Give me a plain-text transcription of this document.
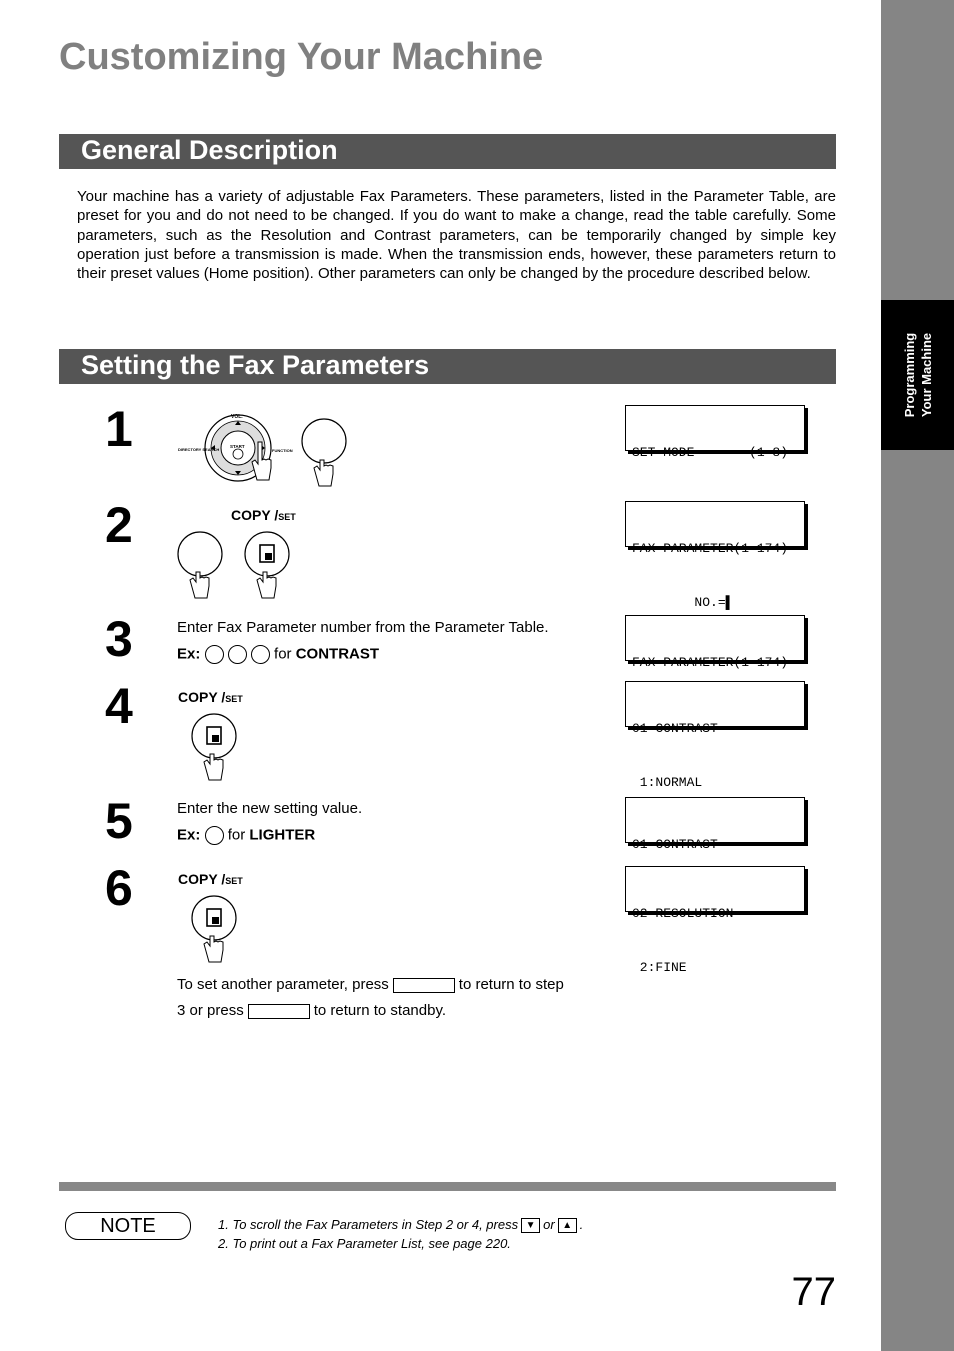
Programming Your Machine
Customizing Your Machine
General Description
Your machine has a variety of adjustable Fax Parameters. These parameters, listed in the Parameter Table, are preset for you and do not need to be changed. If you do want to make a change, read the table carefully. Some parameters, such as the Resolution and Contrast parameters, can be temporarily changed by simple key operation just before a transmission is made. When the transmission ends, however, these parameters return to their preset values (Home position). Other parameters can only be changed by the procedure described below.
Setting the Fax Parameters
1	VOL.
START
DIRECTORY SEARCH	FUNCTION

	SET MODE       (1-8)

2	COPY /SET

FAX PARAMETER(1-174)

NO.=▌

3	Enter Fax Parameter number from the Parameter Table.
Ex:	for CONTRAST

FAX PARAMETER(1-174)

4	COPY /SET

01 CONTRAST

1:NORMAL

5	Enter the new setting value.
Ex: for LIGHTER

01 CONTRAST

6	COPY /SET

02 RESOLUTION

2:FINE

To set another parameter, press	to return to step
3 or press	to return to standby.
NOTE	1. To scroll the Fax Parameters in Step 2 or 4, press ▼ or ▲ .
2. To print out a Fax Parameter List, see page 220.
77
